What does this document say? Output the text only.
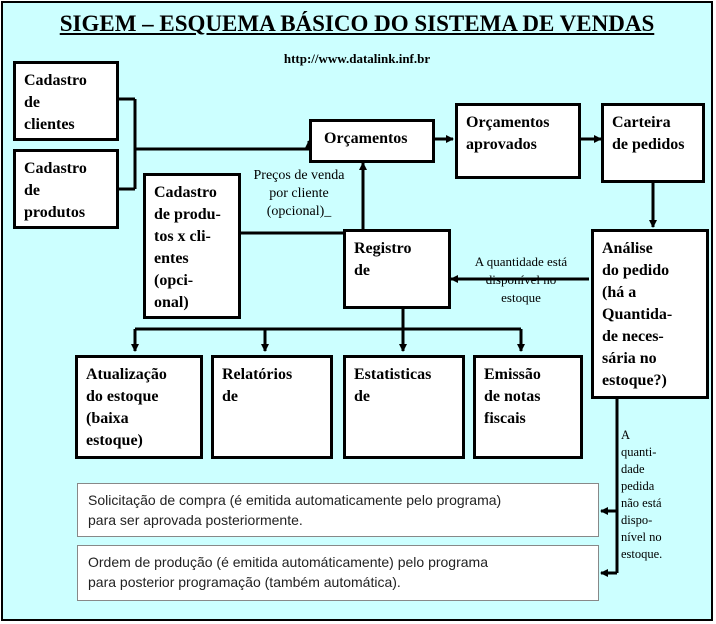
SIGEM – ESQUEMA BÁSICO DO SISTEMA DE VENDAS
http://www.datalink.inf.br
Cadastro
de
clientes
Cadastro
de
produtos
Cadastro
de produ-
tos x cli-
entes
(opci-
onal)
Orçamentos
Orçamentos
aprovados
Carteira
de pedidos
Registro
de
Análise
do pedido
(há a
Quantida-
de neces-
sária no
estoque?)
Atualização
do estoque
(baixa
estoque)
Relatórios
de
Estatisticas
de
Emissão
de notas
fiscais
Solicitação de compra (é emitida automaticamente pelo programa)
para ser aprovada posteriormente.
Ordem de produção (é emitida automáticamente) pelo programa
para posterior programação (também automática).
Preços de venda
por cliente
(opcional)_
A quantidade está
disponível no
estoque
A
quanti-
dade
pedida
não está
dispo-
nível no
estoque.
